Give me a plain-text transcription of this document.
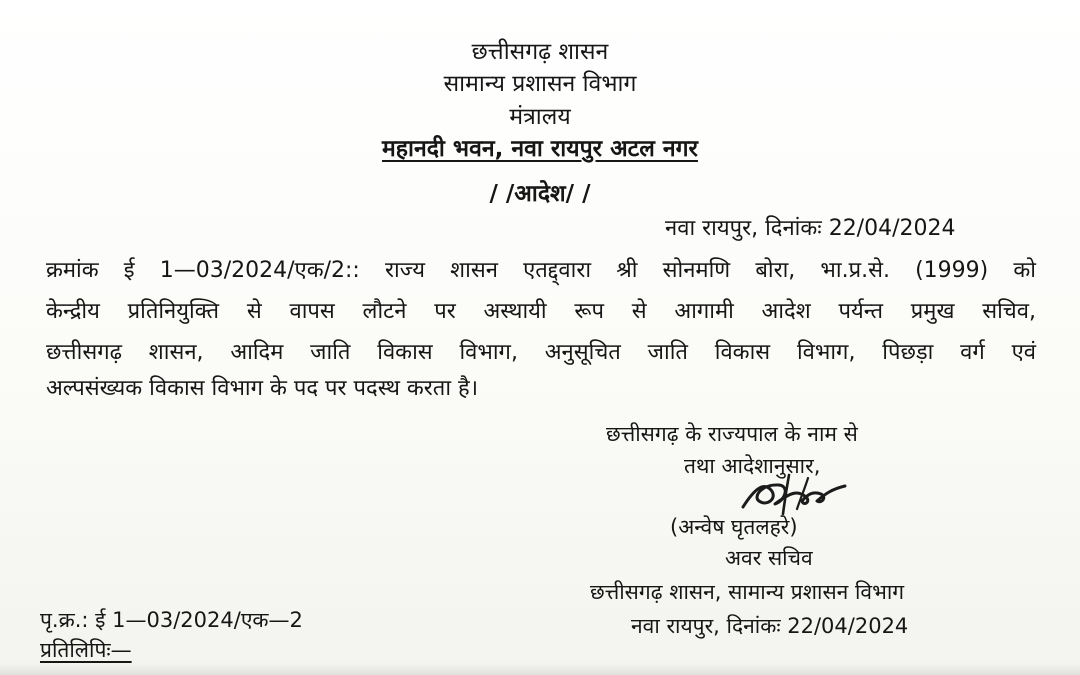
छत्तीसगढ़ शासन
सामान्य प्रशासन विभाग
मंत्रालय
महानदी भवन, नवा रायपुर अटल नगर
/ /आदेश/ /
नवा रायपुर, दिनांकः 22/04/2024
क्रमांक ई 1—03/2024/एक/2:: राज्य शासन एतद्द्वारा श्री सोनमणि बोरा, भा.प्र.से. (1999) को
केन्द्रीय प्रतिनियुक्ति से वापस लौटने पर अस्थायी रूप से आगामी आदेश पर्यन्त प्रमुख सचिव,
छत्तीसगढ़ शासन, आदिम जाति विकास विभाग, अनुसूचित जाति विकास विभाग, पिछड़ा वर्ग एवं
अल्पसंख्यक विकास विभाग के पद पर पदस्थ करता है।
छत्तीसगढ़ के राज्यपाल के नाम से
तथा आदेशानुसार,
(अन्वेष घृतलहरे)
अवर सचिव
छत्तीसगढ़ शासन, सामान्य प्रशासन विभाग
पृ.क्र.: ई 1—03/2024/एक—2	नवा रायपुर, दिनांकः 22/04/2024
प्रतिलिपिः—
